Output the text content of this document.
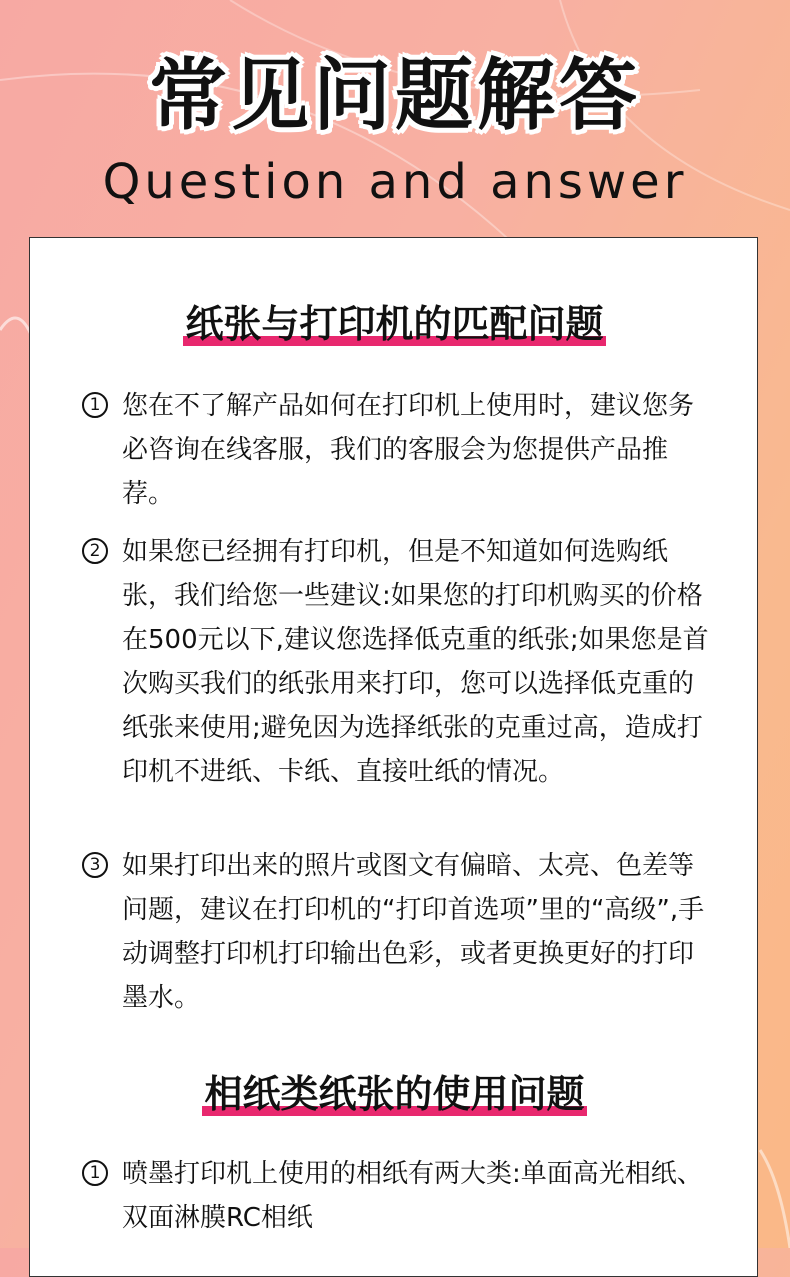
常见问题解答
Question and answer
纸张与打印机的匹配问题
1 您在不了解产品如何在打印机上使用时，建议您务必咨询在线客服，我们的客服会为您提供产品推荐。
2 如果您已经拥有打印机，但是不知道如何选购纸张，我们给您一些建议:如果您的打印机购买的价格在500元以下,建议您选择低克重的纸张;如果您是首次购买我们的纸张用来打印，您可以选择低克重的纸张来使用;避免因为选择纸张的克重过高，造成打印机不进纸、卡纸、直接吐纸的情况。
3 如果打印出来的照片或图文有偏暗、太亮、色差等问题，建议在打印机的“打印首选项”里的“高级”,手动调整打印机打印输出色彩，或者更换更好的打印墨水。
相纸类纸张的使用问题
1 喷墨打印机上使用的相纸有两大类:单面高光相纸、双面淋膜RC相纸
